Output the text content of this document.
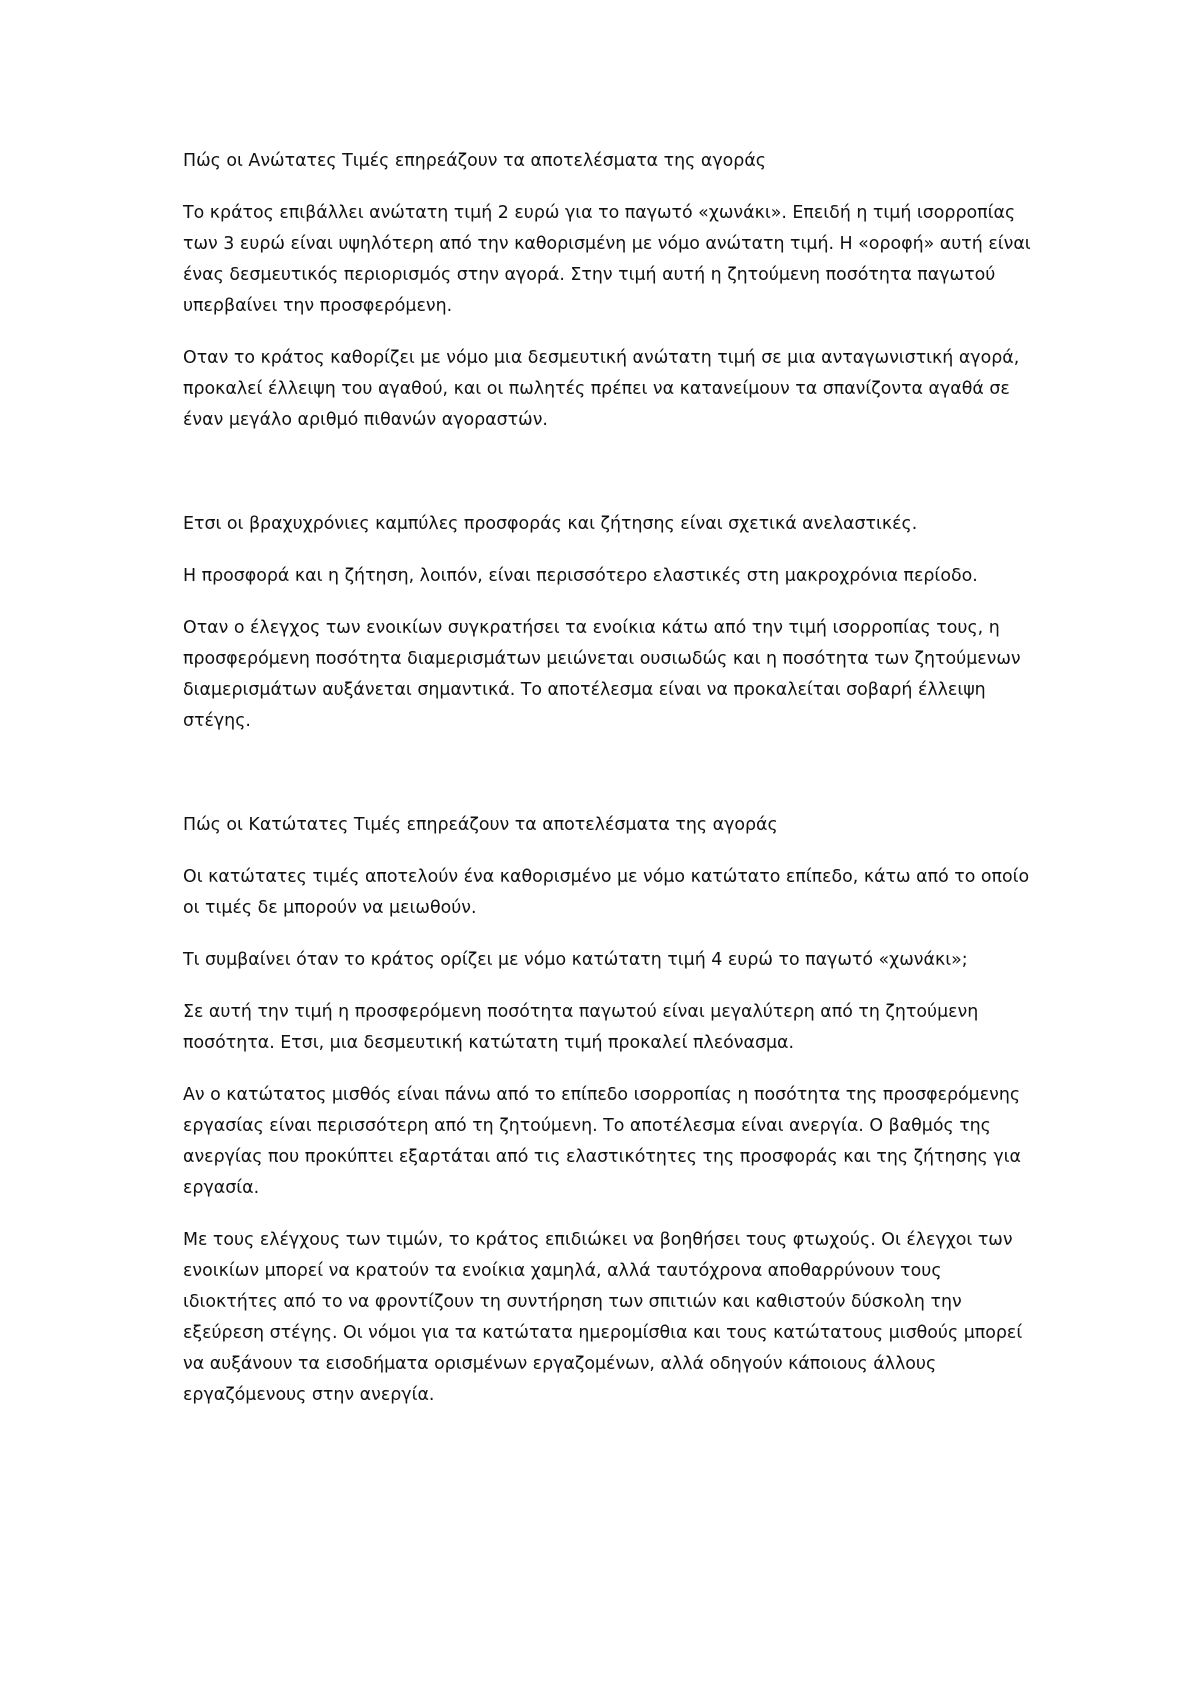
Πώς οι Ανώτατες Τιμές επηρεάζουν τα αποτελέσματα της αγοράς

Το κράτος επιβάλλει ανώτατη τιμή 2 ευρώ για το παγωτό «χωνάκι». Επειδή η τιμή ισορροπίας των 3 ευρώ είναι υψηλότερη από την καθορισμένη με νόμο ανώτατη τιμή. Η «οροφή» αυτή είναι ένας δεσμευτικός περιορισμός στην αγορά. Στην τιμή αυτή η ζητούμενη ποσότητα παγωτού υπερβαίνει την προσφερόμενη.

Οταν το κράτος καθορίζει με νόμο μια δεσμευτική ανώτατη τιμή σε μια ανταγωνιστική αγορά, προκαλεί έλλειψη του αγαθού, και οι πωλητές πρέπει να κατανείμουν τα σπανίζοντα αγαθά σε έναν μεγάλο αριθμό πιθανών αγοραστών.

Ετσι οι βραχυχρόνιες καμπύλες προσφοράς και ζήτησης είναι σχετικά ανελαστικές.

Η προσφορά και η ζήτηση, λοιπόν, είναι περισσότερο ελαστικές στη μακροχρόνια περίοδο.

Οταν ο έλεγχος των ενοικίων συγκρατήσει τα ενοίκια κάτω από την τιμή ισορροπίας τους, η προσφερόμενη ποσότητα διαμερισμάτων μειώνεται ουσιωδώς και η ποσότητα των ζητούμενων διαμερισμάτων αυξάνεται σημαντικά. Το αποτέλεσμα είναι να προκαλείται σοβαρή έλλειψη στέγης.

Πώς οι Κατώτατες Τιμές επηρεάζουν τα αποτελέσματα της αγοράς

Οι κατώτατες τιμές αποτελούν ένα καθορισμένο με νόμο κατώτατο επίπεδο, κάτω από το οποίο οι τιμές δε μπορούν να μειωθούν.

Τι συμβαίνει όταν το κράτος ορίζει με νόμο κατώτατη τιμή 4 ευρώ το παγωτό «χωνάκι»;

Σε αυτή την τιμή η προσφερόμενη ποσότητα παγωτού είναι μεγαλύτερη από τη ζητούμενη ποσότητα. Ετσι, μια δεσμευτική κατώτατη τιμή προκαλεί πλεόνασμα.

Αν ο κατώτατος μισθός είναι πάνω από το επίπεδο ισορροπίας η ποσότητα της προσφερόμενης εργασίας είναι περισσότερη από τη ζητούμενη. Το αποτέλεσμα είναι ανεργία. Ο βαθμός της ανεργίας που προκύπτει εξαρτάται από τις ελαστικότητες της προσφοράς και της ζήτησης για εργασία.

Με τους ελέγχους των τιμών, το κράτος επιδιώκει να βοηθήσει τους φτωχούς. Οι έλεγχοι των ενοικίων μπορεί να κρατούν τα ενοίκια χαμηλά, αλλά ταυτόχρονα αποθαρρύνουν τους ιδιοκτήτες από το να φροντίζουν τη συντήρηση των σπιτιών και καθιστούν δύσκολη την εξεύρεση στέγης. Οι νόμοι για τα κατώτατα ημερομίσθια και τους κατώτατους μισθούς μπορεί να αυξάνουν τα εισοδήματα ορισμένων εργαζομένων, αλλά οδηγούν κάποιους άλλους εργαζόμενους στην ανεργία.
